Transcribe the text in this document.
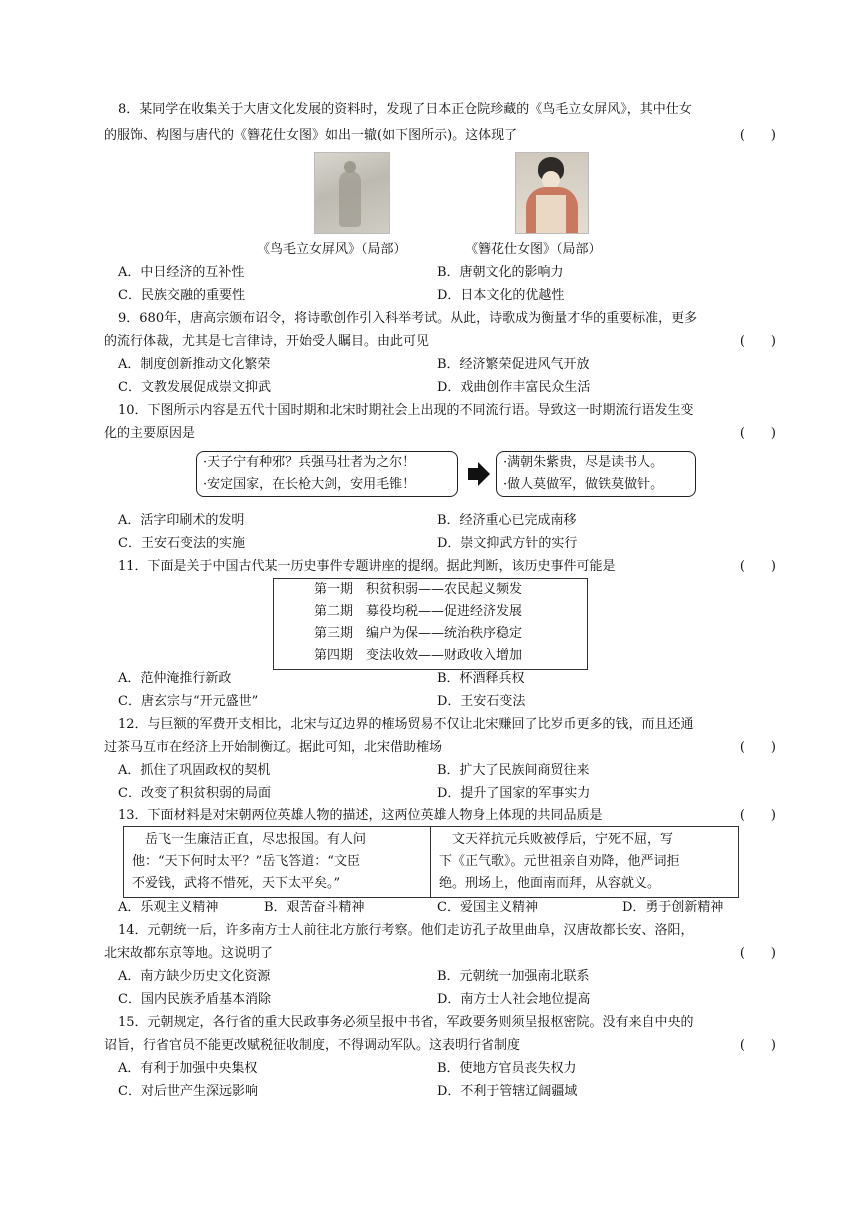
8．某同学在收集关于大唐文化发展的资料时，发现了日本正仓院珍藏的《鸟毛立女屏风》，其中仕女
的服饰、构图与唐代的《簪花仕女图》如出一辙(如下图所示)。这体现了	(　　)
《鸟毛立女屏风》（局部）	《簪花仕女图》（局部）
A．中日经济的互补性	B．唐朝文化的影响力
C．民族交融的重要性	D．日本文化的优越性
9．680年，唐高宗颁布诏令，将诗歌创作引入科举考试。从此，诗歌成为衡量才华的重要标准，更多
的流行体裁，尤其是七言律诗，开始受人瞩目。由此可见	(　　)
A．制度创新推动文化繁荣	B．经济繁荣促进风气开放
C．文教发展促成崇文抑武	D．戏曲创作丰富民众生活
10．下图所示内容是五代十国时期和北宋时期社会上出现的不同流行语。导致这一时期流行语发生变
化的主要原因是	(　　)
·天子宁有种邪？兵强马壮者为之尔！
·安定国家，在长枪大剑，安用毛锥！
·满朝朱紫贵，尽是读书人。
·做人莫做军，做铁莫做针。
A．活字印刷术的发明	B．经济重心已完成南移
C．王安石变法的实施	D．崇文抑武方针的实行
11．下面是关于中国古代某一历史事件专题讲座的提纲。据此判断，该历史事件可能是	(　　)
第一期　积贫积弱——农民起义频发
第二期　募役均税——促进经济发展
第三期　编户为保——统治秩序稳定
第四期　变法收效——财政收入增加
A．范仲淹推行新政	B．杯酒释兵权
C．唐玄宗与“开元盛世”	D．王安石变法
12．与巨额的军费开支相比，北宋与辽边界的榷场贸易不仅让北宋赚回了比岁币更多的钱，而且还通
过茶马互市在经济上开始制衡辽。据此可知，北宋借助榷场	(　　)
A．抓住了巩固政权的契机	B．扩大了民族间商贸往来
C．改变了积贫积弱的局面	D．提升了国家的军事实力
13．下面材料是对宋朝两位英雄人物的描述，这两位英雄人物身上体现的共同品质是	(　　)
　岳飞一生廉洁正直，尽忠报国。有人问
他：“天下何时太平？”岳飞答道：“文臣
不爱钱，武将不惜死，天下太平矣。”
　文天祥抗元兵败被俘后，宁死不屈，写
下《正气歌》。元世祖亲自劝降，他严词拒
绝。刑场上，他面南而拜，从容就义。
A．乐观主义精神	B．艰苦奋斗精神	C．爱国主义精神	D．勇于创新精神
14．元朝统一后，许多南方士人前往北方旅行考察。他们走访孔子故里曲阜，汉唐故都长安、洛阳，
北宋故都东京等地。这说明了	(　　)
A．南方缺少历史文化资源	B．元朝统一加强南北联系
C．国内民族矛盾基本消除	D．南方士人社会地位提高
15．元朝规定，各行省的重大民政事务必须呈报中书省，军政要务则须呈报枢密院。没有来自中央的
诏旨，行省官员不能更改赋税征收制度，不得调动军队。这表明行省制度	(　　)
A．有利于加强中央集权	B．使地方官员丧失权力
C．对后世产生深远影响	D．不利于管辖辽阔疆域
